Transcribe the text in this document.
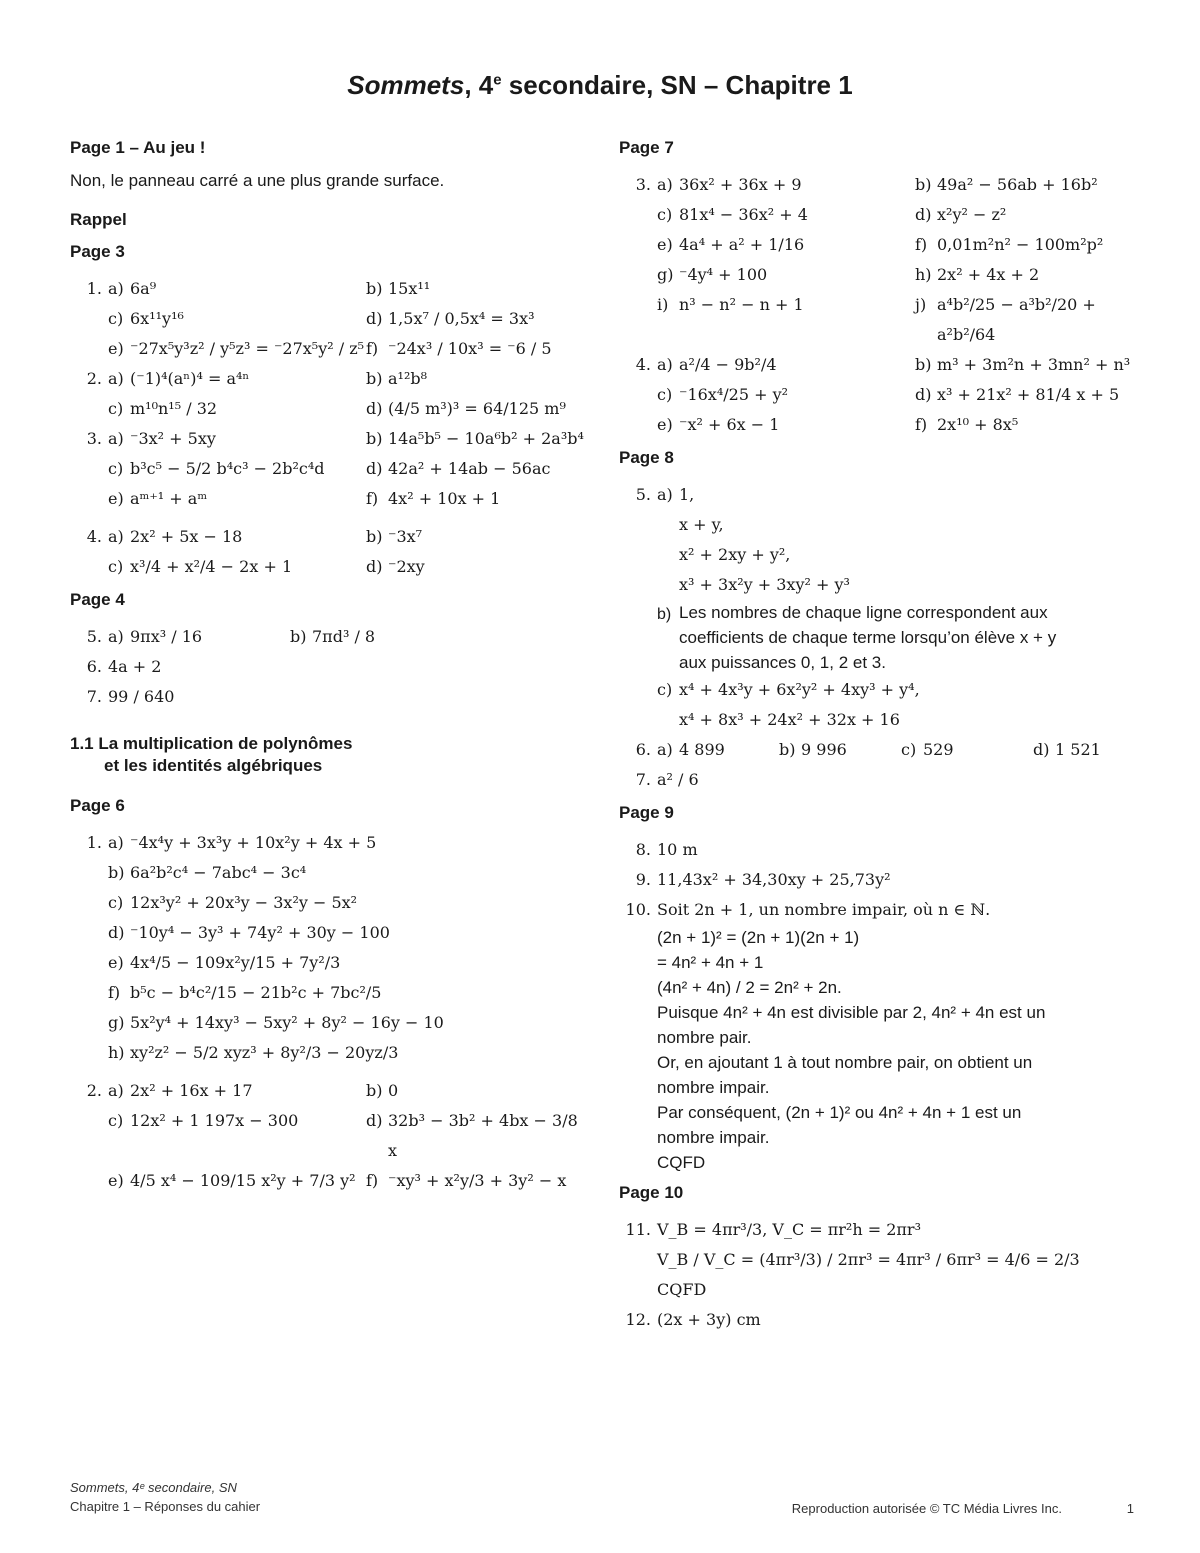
Sommets, 4e secondaire, SN – Chapitre 1
Page 1 – Au jeu !
Non, le panneau carré a une plus grande surface.
Rappel
Page 3
1. a) 6a⁹	b) 15x¹¹
c) 6x¹¹y¹⁶	d) 1,5x⁷ / 0,5x⁴ = 3x³
e) ⁻27x⁵y³z² / y⁵z³ = ⁻27x⁵y² / z⁵ f) ⁻24x³ / 10x³ = ⁻6 / 5
2. a) (⁻1)⁴(aⁿ)⁴ = a⁴ⁿ	b) a¹²b⁸
c) m¹⁰n¹⁵ / 32	d) (4/5 m³)³ = 64/125 m⁹
3. a) ⁻3x² + 5xy	b) 14a⁵b⁵ − 10a⁶b² + 2a³b⁴
c) b³c⁵ − 5/2 b⁴c³ − 2b²c⁴d	d) 42a² + 14ab − 56ac
e) aᵐ⁺¹ + aᵐ	f) 4x² + 10x + 1
4. a) 2x² + 5x − 18	b) ⁻3x⁷
c) x³/4 + x²/4 − 2x + 1	d) ⁻2xy
Page 4
5. a) 9πx³ / 16	b) 7πd³ / 8
6. 4a + 2
7. 99 / 640
1.1 La multiplication de polynômes
et les identités algébriques
Page 6
1. a) ⁻4x⁴y + 3x³y + 10x²y + 4x + 5
b) 6a²b²c⁴ − 7abc⁴ − 3c⁴
c) 12x³y² + 20x³y − 3x²y − 5x²
d) ⁻10y⁴ − 3y³ + 74y² + 30y − 100
e) 4x⁴/5 − 109x²y/15 + 7y²/3
f) b⁵c − b⁴c²/15 − 21b²c + 7bc²/5
g) 5x²y⁴ + 14xy³ − 5xy² + 8y² − 16y − 10
h) xy²z² − 5/2 xyz³ + 8y²/3 − 20yz/3
2. a) 2x² + 16x + 17	b) 0
c) 12x² + 1 197x − 300	d) 32b³ − 3b² + 4bx − 3/8 x
e) 4/5 x⁴ − 109/15 x²y + 7/3 y² f) ⁻xy³ + x²y/3 + 3y² − x
Page 7
3. a) 36x² + 36x + 9	b) 49a² − 56ab + 16b²
c) 81x⁴ − 36x² + 4	d) x²y² − z²
e) 4a⁴ + a² + 1/16	f) 0,01m²n² − 100m²p²
g) ⁻4y⁴ + 100	h) 2x² + 4x + 2
i) n³ − n² − n + 1	j) a⁴b²/25 − a³b²/20 + a²b²/64
4. a) a²/4 − 9b²/4	b) m³ + 3m²n + 3mn² + n³
c) ⁻16x⁴/25 + y²	d) x³ + 21x² + 81/4 x + 5
e) ⁻x² + 6x − 1	f) 2x¹⁰ + 8x⁵
Page 8
5. a) 1,
x + y,
x² + 2xy + y²,
x³ + 3x²y + 3xy² + y³
b) Les nombres de chaque ligne correspondent aux
coefficients de chaque terme lorsqu’on élève x + y
aux puissances 0, 1, 2 et 3.
c) x⁴ + 4x³y + 6x²y² + 4xy³ + y⁴,
x⁴ + 8x³ + 24x² + 32x + 16
6. a) 4 899	b) 9 996	c) 529	d) 1 521
7. a² / 6
Page 9
8. 10 m
9. 11,43x² + 34,30xy + 25,73y²
10. Soit 2n + 1, un nombre impair, où n ∈ ℕ.
(2n + 1)² = (2n + 1)(2n + 1)
= 4n² + 4n + 1
(4n² + 4n) / 2 = 2n² + 2n.
Puisque 4n² + 4n est divisible par 2, 4n² + 4n est un
nombre pair.
Or, en ajoutant 1 à tout nombre pair, on obtient un
nombre impair.
Par conséquent, (2n + 1)² ou 4n² + 4n + 1 est un
nombre impair.
CQFD
Page 10
11. V_B = 4πr³/3, V_C = πr²h = 2πr³
V_B / V_C = (4πr³/3) / 2πr³ = 4πr³ / 6πr³ = 4/6 = 2/3
CQFD
12. (2x + 3y) cm
Sommets, 4ᵉ secondaire, SN
Chapitre 1 – Réponses du cahier	Reproduction autorisée © TC Média Livres Inc.	1
